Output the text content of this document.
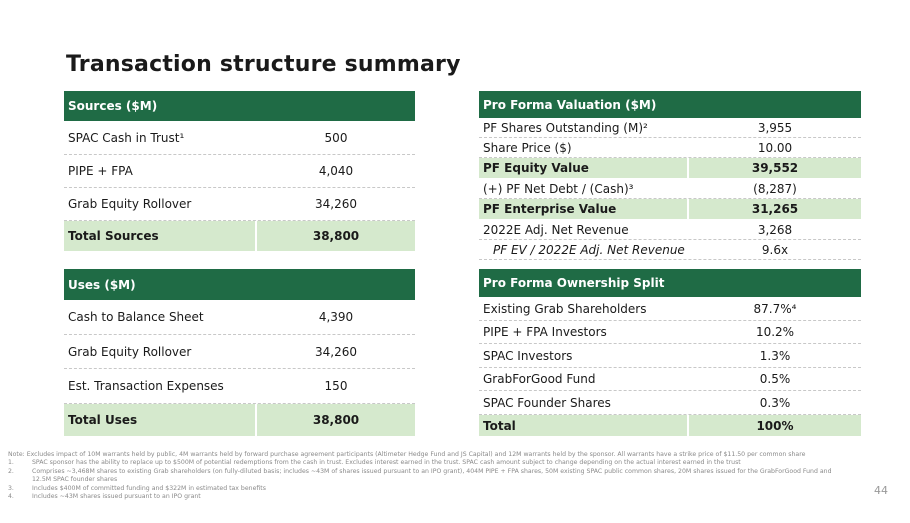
Transaction structure summary
Sources ($M)
SPAC Cash in Trust¹	500
PIPE + FPA	4,040
Grab Equity Rollover	34,260
Total Sources	38,800
Uses ($M)
Cash to Balance Sheet	4,390
Grab Equity Rollover	34,260
Est. Transaction Expenses	150
Total Uses	38,800
Pro Forma Valuation ($M)
PF Shares Outstanding (M)²	3,955
Share Price ($)	10.00
PF Equity Value	39,552
(+) PF Net Debt / (Cash)³	(8,287)
PF Enterprise Value	31,265
2022E Adj. Net Revenue	3,268
PF EV / 2022E Adj. Net Revenue	9.6x
Pro Forma Ownership Split
Existing Grab Shareholders	87.7%⁴
PIPE + FPA Investors	10.2%
SPAC Investors	1.3%
GrabForGood Fund	0.5%
SPAC Founder Shares	0.3%
Total	100%
Note: Excludes impact of 10M warrants held by public, 4M warrants held by forward purchase agreement participants (Altimeter Hedge Fund and JS Capital) and 12M warrants held by the sponsor. All warrants have a strike price of $11.50 per common share
1.	SPAC sponsor has the ability to replace up to $500M of potential redemptions from the cash in trust. Excludes interest earned in the trust. SPAC cash amount subject to change depending on the actual interest earned in the trust
2.	Comprises ~3,468M shares to existing Grab shareholders (on fully-diluted basis; includes ~43M of shares issued pursuant to an IPO grant), 404M PIPE + FPA shares, 50M existing SPAC public common shares, 20M shares issued for the GrabForGood Fund and 12.5M SPAC founder shares
3.	Includes $400M of committed funding and $322M in estimated tax benefits
4.	Includes ~43M shares issued pursuant to an IPO grant	44
